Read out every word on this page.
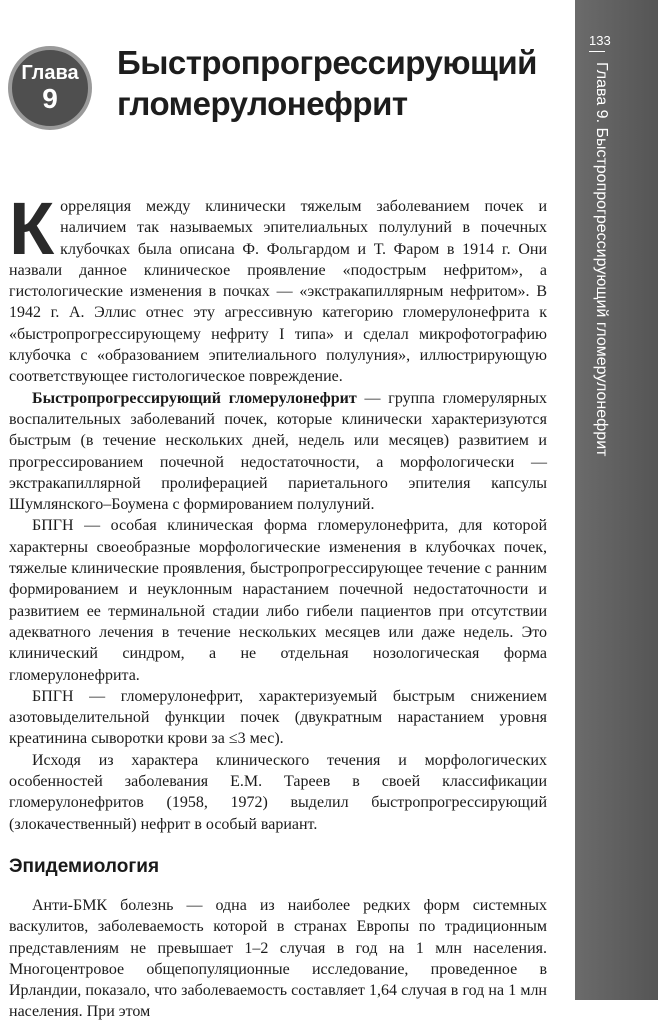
133
Глава 9. Быстропрогрессирующий гломерулонефрит
Глава
9
Быстропрогрессирующий гломерулонефрит

Корреляция между клинически тяжелым заболеванием почек и наличием так называемых эпителиальных полулуний в почечных клубочках была описана Ф. Фольгардом и Т. Фаром в 1914 г. Они назвали данное клиническое проявление «подострым нефритом», а гистологические изменения в почках — «экстракапиллярным нефритом». В 1942 г. А. Эллис отнес эту агрессивную категорию гломерулонефрита к «быстропрогрессирующему нефриту I типа» и сделал микрофотографию клубочка с «образованием эпителиального полулуния», иллюстрирующую соответствующее гистологическое повреждение.

Быстропрогрессирующий гломерулонефрит — группа гломерулярных воспалительных заболеваний почек, которые клинически характеризуются быстрым (в течение нескольких дней, недель или месяцев) развитием и прогрессированием почечной недостаточности, а морфологически — экстракапиллярной пролиферацией париетального эпителия капсулы Шумлянского–Боумена с формированием полулуний.

БПГН — особая клиническая форма гломерулонефрита, для которой характерны своеобразные морфологические изменения в клубочках почек, тяжелые клинические проявления, быстропрогрессирующее течение с ранним формированием и неуклонным нарастанием почечной недостаточности и развитием ее терминальной стадии либо гибели пациентов при отсутствии адекватного лечения в течение нескольких месяцев или даже недель. Это клинический синдром, а не отдельная нозологическая форма гломерулонефрита.

БПГН — гломерулонефрит, характеризуемый быстрым снижением азотовыделительной функции почек (двукратным нарастанием уровня креатинина сыворотки крови за ≤3 мес).

Исходя из характера клинического течения и морфологических особенностей заболевания Е.М. Тареев в своей классификации гломерулонефритов (1958, 1972) выделил быстропрогрессирующий (злокачественный) нефрит в особый вариант.

Эпидемиология

Анти-БМК болезнь — одна из наиболее редких форм системных васкулитов, заболеваемость которой в странах Европы по традиционным представлениям не превышает 1–2 случая в год на 1 млн населения. Многоцентровое общепопуляционные исследование, проведенное в Ирландии, показало, что заболеваемость составляет 1,64 случая в год на 1 млн населения. При этом
